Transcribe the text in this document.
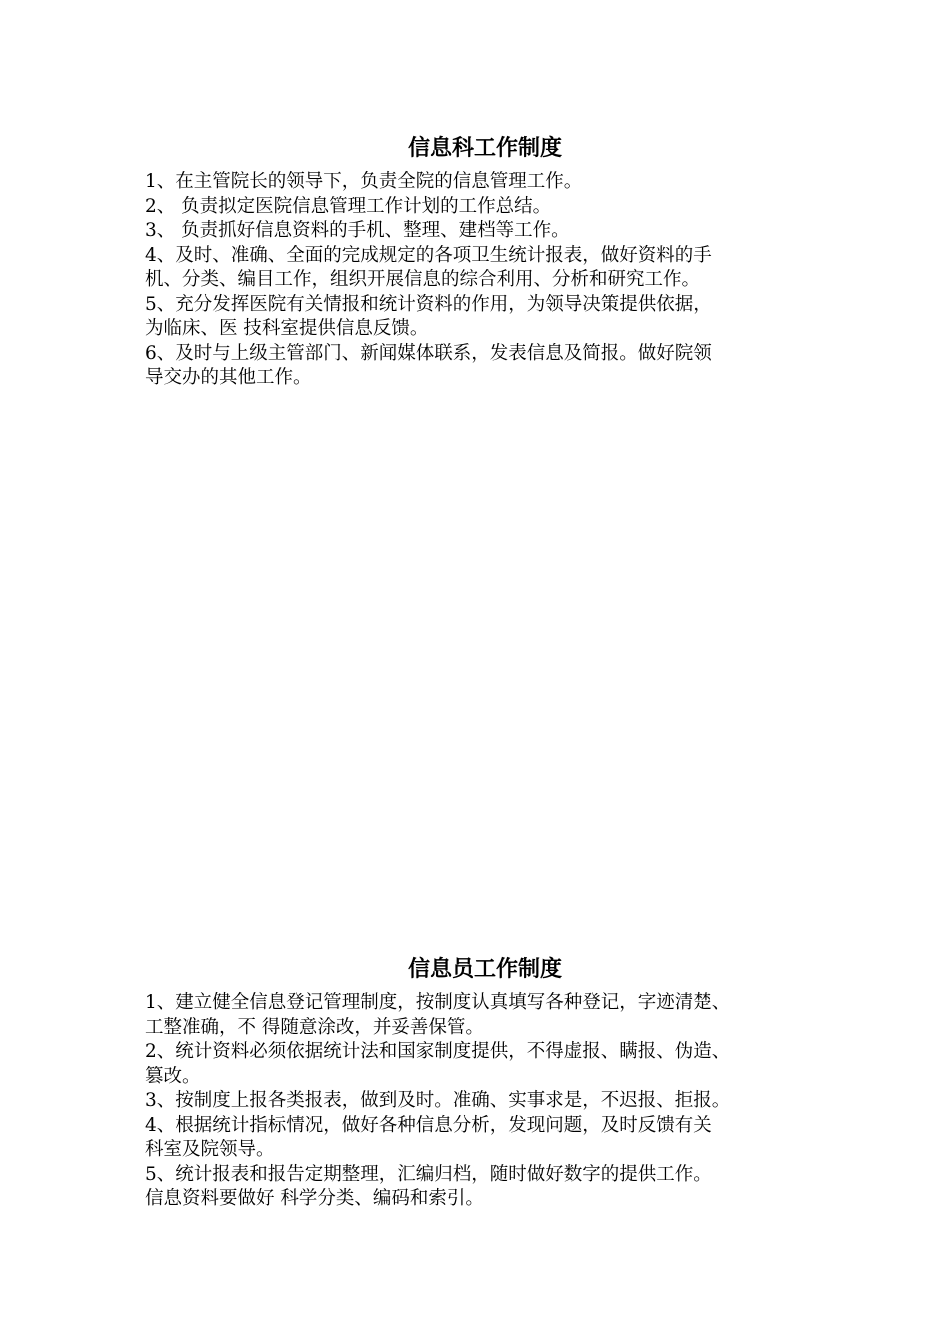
信息科工作制度

1、在主管院长的领导下，负责全院的信息管理工作。

2、 负责拟定医院信息管理工作计划的工作总结。

3、 负责抓好信息资料的手机、整理、建档等工作。

4、及时、准确、全面的完成规定的各项卫生统计报表，做好资料的手
机、分类、编目工作，组织开展信息的综合利用、分析和研究工作。

5、充分发挥医院有关情报和统计资料的作用，为领导决策提供依据，
为临床、医 技科室提供信息反馈。

6、及时与上级主管部门、新闻媒体联系，发表信息及简报。做好院领
导交办的其他工作。

信息员工作制度

1、建立健全信息登记管理制度，按制度认真填写各种登记，字迹清楚、
工整准确，不 得随意涂改，并妥善保管。

2、统计资料必须依据统计法和国家制度提供，不得虚报、瞒报、伪造、
篡改。

3、按制度上报各类报表，做到及时。准确、实事求是，不迟报、拒报。

4、根据统计指标情况，做好各种信息分析，发现问题，及时反馈有关
科室及院领导。

5、统计报表和报告定期整理，汇编归档，随时做好数字的提供工作。
信息资料要做好 科学分类、编码和索引。
